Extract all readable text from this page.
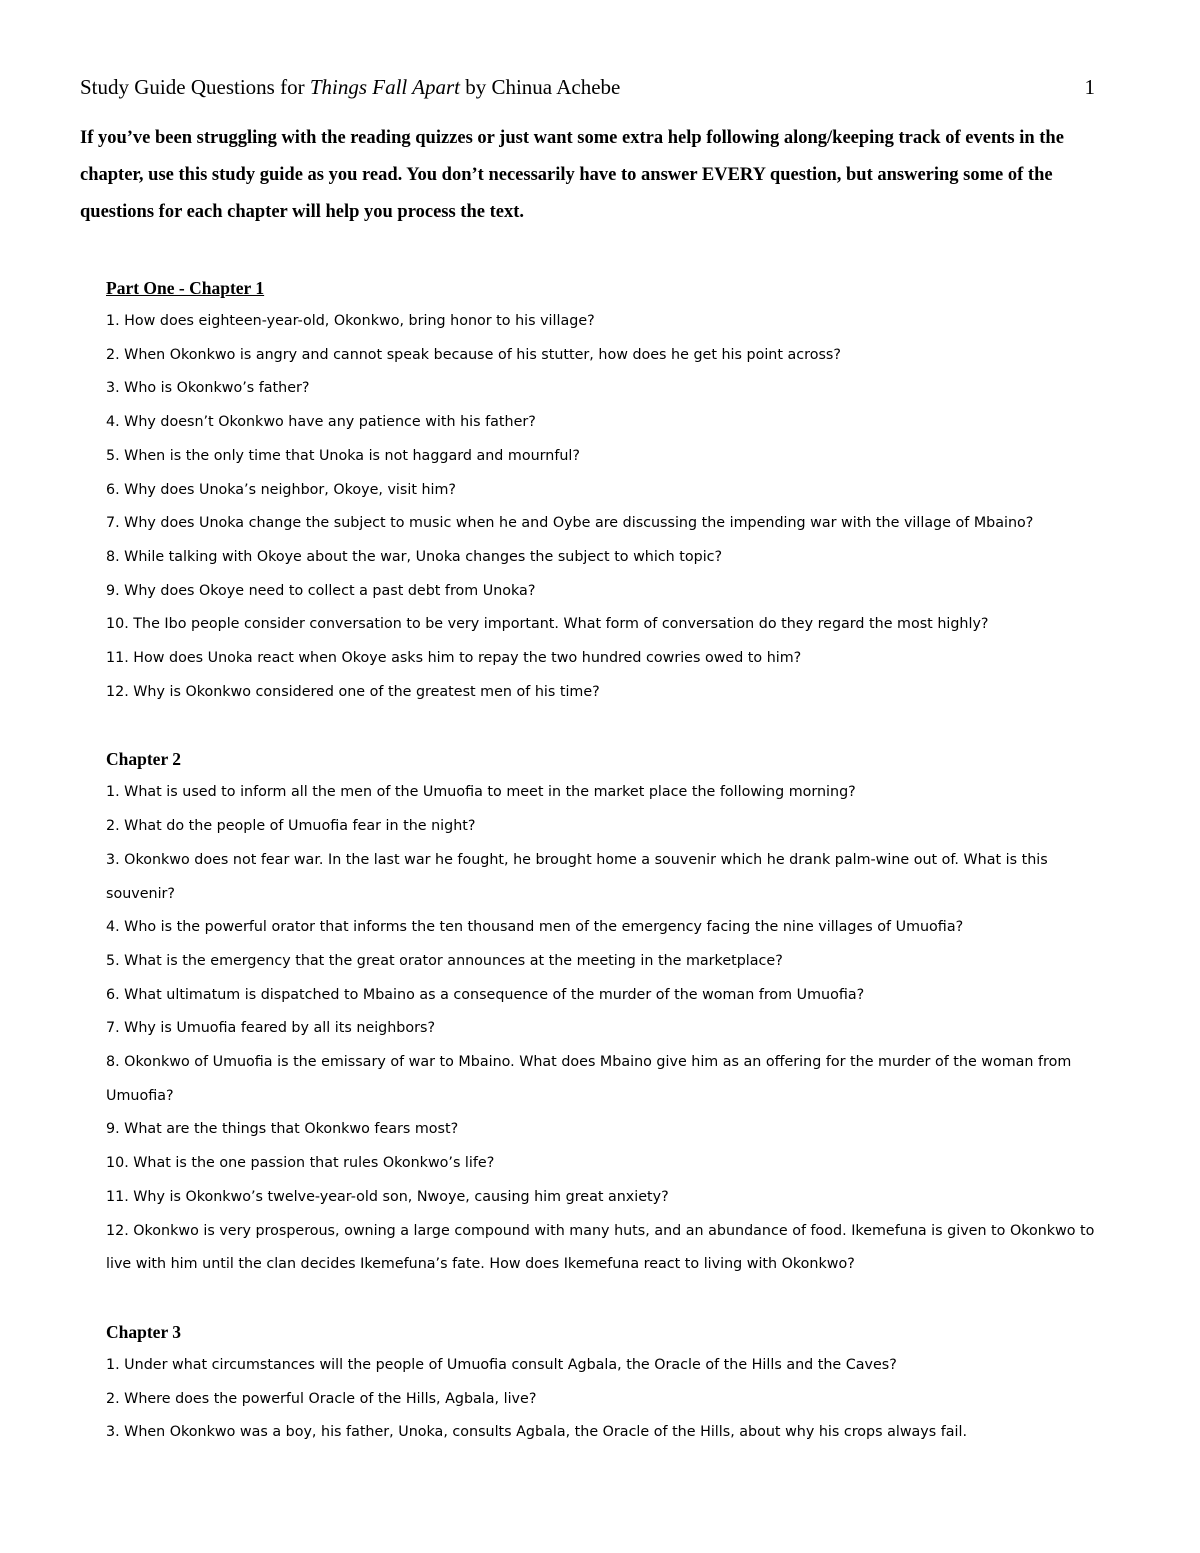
Study Guide Questions for Things Fall Apart by Chinua Achebe	1
If you’ve been struggling with the reading quizzes or just want some extra help following along/keeping track of events in the chapter, use this study guide as you read. You don’t necessarily have to answer EVERY question, but answering some of the questions for each chapter will help you process the text.
Part One - Chapter 1

1. How does eighteen-year-old, Okonkwo, bring honor to his village?

2. When Okonkwo is angry and cannot speak because of his stutter, how does he get his point across?

3. Who is Okonkwo’s father?

4. Why doesn’t Okonkwo have any patience with his father?

5. When is the only time that Unoka is not haggard and mournful?

6. Why does Unoka’s neighbor, Okoye, visit him?

7. Why does Unoka change the subject to music when he and Oybe are discussing the impending war with the village of Mbaino?

8. While talking with Okoye about the war, Unoka changes the subject to which topic?

9. Why does Okoye need to collect a past debt from Unoka?

10. The Ibo people consider conversation to be very important. What form of conversation do they regard the most highly?

11. How does Unoka react when Okoye asks him to repay the two hundred cowries owed to him?

12. Why is Okonkwo considered one of the greatest men of his time?

Chapter 2

1. What is used to inform all the men of the Umuofia to meet in the market place the following morning?

2. What do the people of Umuofia fear in the night?

3. Okonkwo does not fear war. In the last war he fought, he brought home a souvenir which he drank palm-wine out of. What is this souvenir?

4. Who is the powerful orator that informs the ten thousand men of the emergency facing the nine villages of Umuofia?

5. What is the emergency that the great orator announces at the meeting in the marketplace?

6. What ultimatum is dispatched to Mbaino as a consequence of the murder of the woman from Umuofia?

7. Why is Umuofia feared by all its neighbors?

8. Okonkwo of Umuofia is the emissary of war to Mbaino. What does Mbaino give him as an offering for the murder of the woman from Umuofia?

9. What are the things that Okonkwo fears most?

10. What is the one passion that rules Okonkwo’s life?

11. Why is Okonkwo’s twelve-year-old son, Nwoye, causing him great anxiety?

12. Okonkwo is very prosperous, owning a large compound with many huts, and an abundance of food. Ikemefuna is given to Okonkwo to live with him until the clan decides Ikemefuna’s fate. How does Ikemefuna react to living with Okonkwo?

Chapter 3

1. Under what circumstances will the people of Umuofia consult Agbala, the Oracle of the Hills and the Caves?

2. Where does the powerful Oracle of the Hills, Agbala, live?

3. When Okonkwo was a boy, his father, Unoka, consults Agbala, the Oracle of the Hills, about why his crops always fail.
